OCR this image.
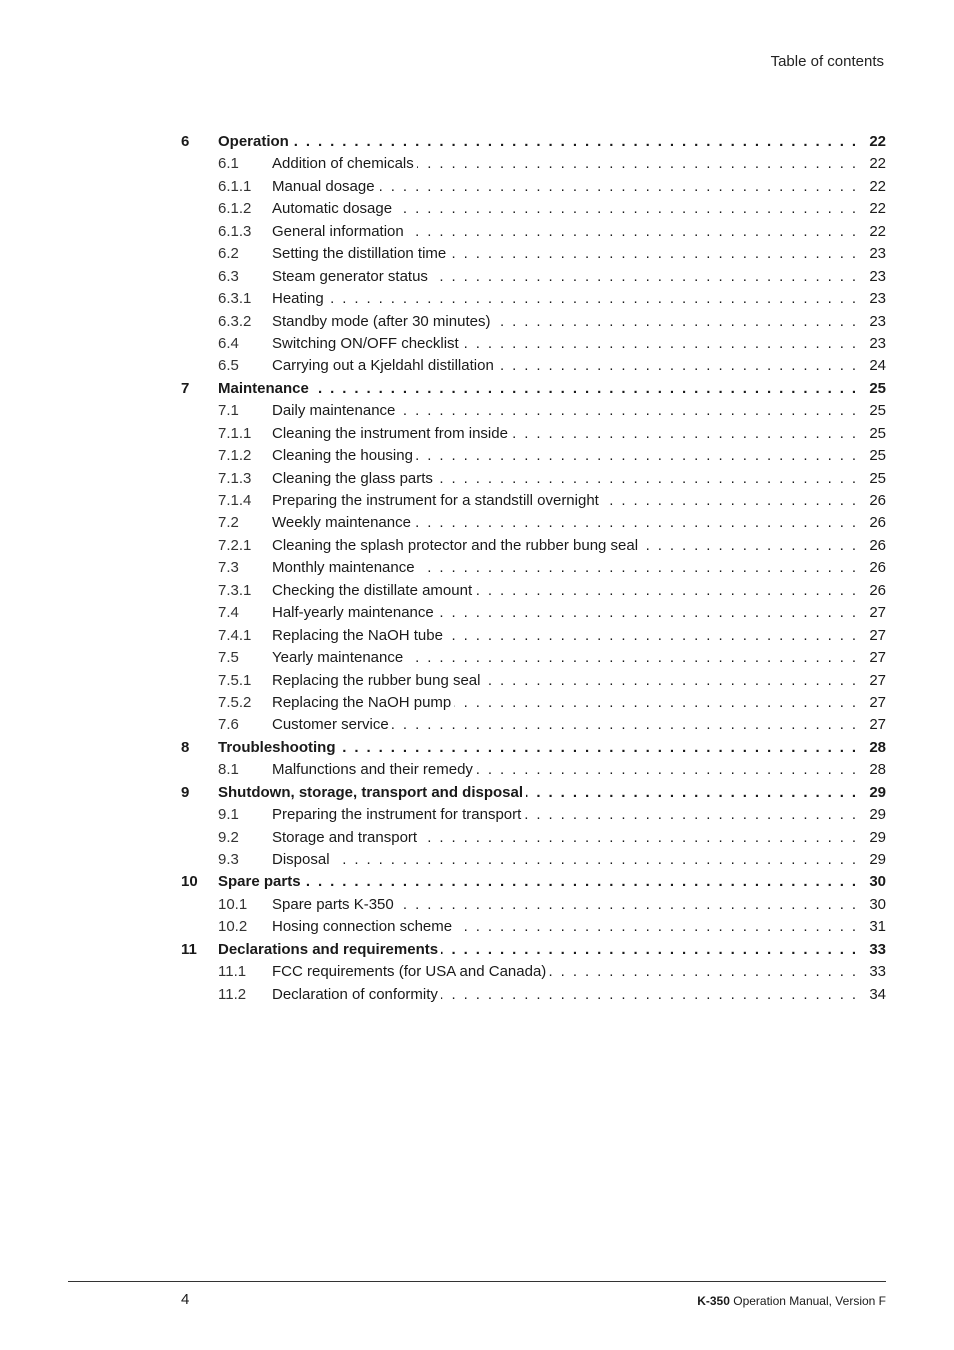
Table of contents
6 Operation . . .	22
6.1 Addition of chemicals . . .	22
6.1.1 Manual dosage . . .	22
6.1.2 Automatic dosage . . .	22
6.1.3 General information . . .	22
6.2 Setting the distillation time . . .	23
6.3 Steam generator status . . .	23
6.3.1 Heating . . .	23
6.3.2 Standby mode (after 30 minutes) . . .	23
6.4 Switching ON/OFF checklist . . .	23
6.5 Carrying out a Kjeldahl distillation . . .	24
7 Maintenance . . .	25
7.1 Daily maintenance . . .	25
7.1.1 Cleaning the instrument from inside . . .	25
7.1.2 Cleaning the housing . . .	25
7.1.3 Cleaning the glass parts . . .	25
7.1.4 Preparing the instrument for a standstill overnight . . .	26
7.2 Weekly maintenance . . .	26
7.2.1 Cleaning the splash protector and the rubber bung seal . . .	26
7.3 Monthly maintenance . . .	26
7.3.1 Checking the distillate amount . . .	26
7.4 Half-yearly maintenance . . .	27
7.4.1 Replacing the NaOH tube . . .	27
7.5 Yearly maintenance . . .	27
7.5.1 Replacing the rubber bung seal . . .	27
7.5.2 Replacing the NaOH pump . . .	27
7.6 Customer service . . .	27
8 Troubleshooting . . .	28
8.1 Malfunctions and their remedy . . .	28
9 Shutdown, storage, transport and disposal . . .	29
9.1 Preparing the instrument for transport . . .	29
9.2 Storage and transport . . .	29
9.3 Disposal . . .	29
10 Spare parts . . .	30
10.1 Spare parts K-350 . . .	30
10.2 Hosing connection scheme . . .	31
11 Declarations and requirements . . .	33
11.1 FCC requirements (for USA and Canada) . . .	33
11.2 Declaration of conformity . . .	34
4	K-350 Operation Manual, Version F
